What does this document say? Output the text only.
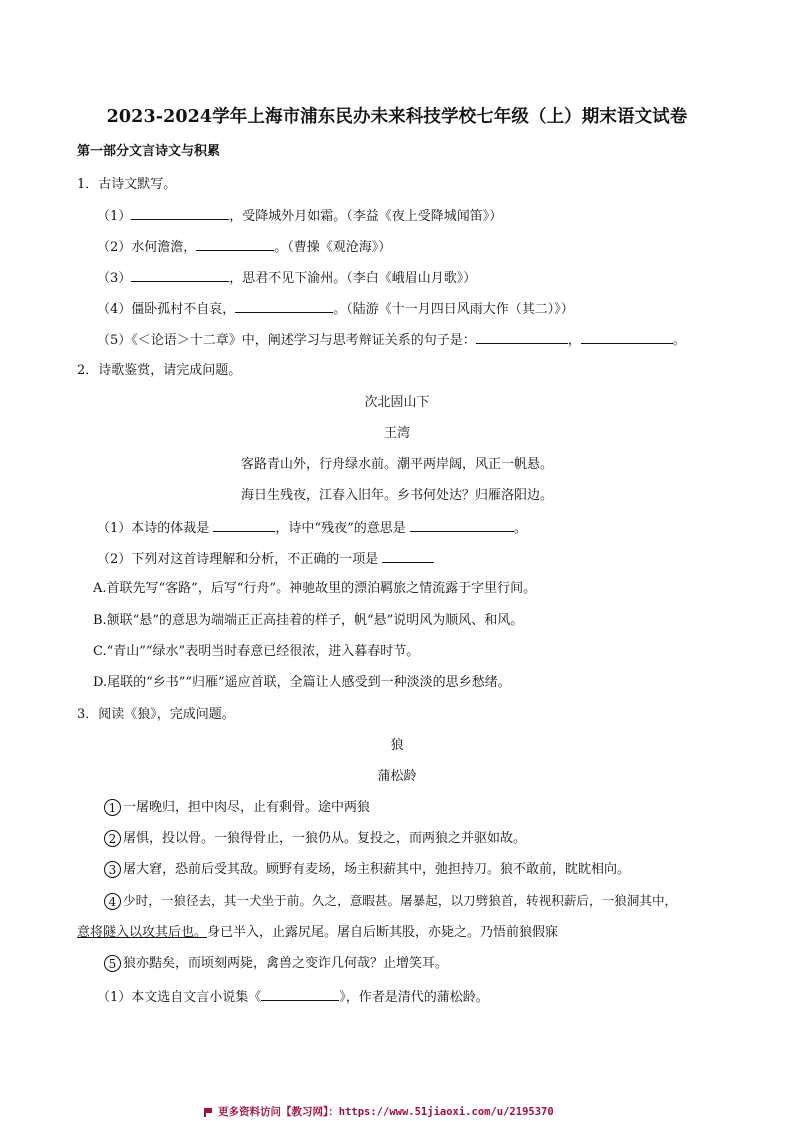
2023-2024学年上海市浦东民办未来科技学校七年级（上）期末语文试卷
第一部分文言诗文与积累
1．古诗文默写。
（1）	，受降城外月如霜。（李益《夜上受降城闻笛》）
（2）水何澹澹，	。（曹操《观沧海》）
（3）	，思君不见下渝州。（李白《峨眉山月歌》）
（4）僵卧孤村不自哀，	。（陆游《十一月四日风雨大作（其二）》）
（5）《＜论语＞十二章》中，阐述学习与思考辩证关系的句子是：	，	。
2．诗歌鉴赏，请完成问题。
次北固山下
王湾
客路青山外，行舟绿水前。潮平两岸阔，风正一帆悬。
海日生残夜，江春入旧年。乡书何处达？归雁洛阳边。
（1）本诗的体裁是	，诗中“残夜”的意思是	。
（2）下列对这首诗理解和分析，不正确的一项是
A.首联先写“客路”，后写“行舟”。神驰故里的漂泊羁旅之情流露于字里行间。
B.颔联“悬”的意思为端端正正高挂着的样子，帆“悬”说明风为顺风、和风。
C.“青山”“绿水”表明当时春意已经很浓，进入暮春时节。
D.尾联的“乡书”“归雁”遥应首联，全篇让人感受到一种淡淡的思乡愁绪。
3．阅读《狼》，完成问题。
狼
蒲松龄
1 一屠晚归，担中肉尽，止有剩骨。途中两狼
2 屠惧，投以骨。一狼得骨止，一狼仍从。复投之，而两狼之并驱如故。
3 屠大窘，恐前后受其敌。顾野有麦场，场主积薪其中，弛担持刀。狼不敢前，眈眈相向。
4 少时，一狼径去，其一犬坐于前。久之，意暇甚。屠暴起，以刀劈狼首，转视积薪后，一狼洞其中，
意将隧入以攻其后也。身已半入，止露尻尾。屠自后断其股，亦毙之。乃悟前狼假寐
5 狼亦黠矣，而顷刻两毙，禽兽之变诈几何哉？止增笑耳。
（1）本文选自文言小说集《	》，作者是清代的蒲松龄。
更多资料访问【教习网】：https://www.51jiaoxi.com/u/2195370
